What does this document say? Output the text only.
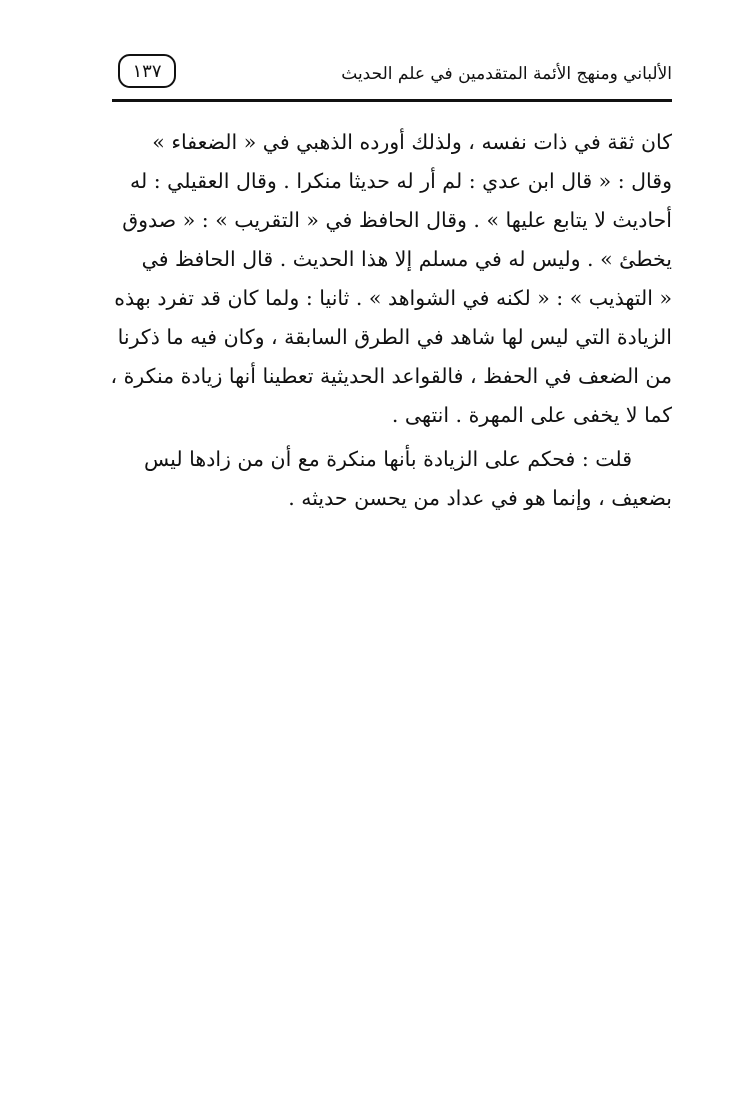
الألباني ومنهج الأئمة المتقدمين في علم الحديث
١٣٧
كان ثقة في ذات نفسه ، ولذلك أورده الذهبي في « الضعفاء »
وقال : « قال ابن عدي : لم أر له حديثا منكرا . وقال العقيلي : له
أحاديث لا يتابع عليها » . وقال الحافظ في « التقريب » : « صدوق
يخطئ » . وليس له في مسلم إلا هذا الحديث . قال الحافظ في
« التهذيب » : « لكنه في الشواهد » . ثانيا : ولما كان قد تفرد بهذه
الزيادة التي ليس لها شاهد في الطرق السابقة ، وكان فيه ما ذكرنا
من الضعف في الحفظ ، فالقواعد الحديثية تعطينا أنها زيادة منكرة ،
كما لا يخفى على المهرة . انتهى .
قلت : فحكم على الزيادة بأنها منكرة مع أن من زادها ليس
بضعيف ، وإنما هو في عداد من يحسن حديثه .
